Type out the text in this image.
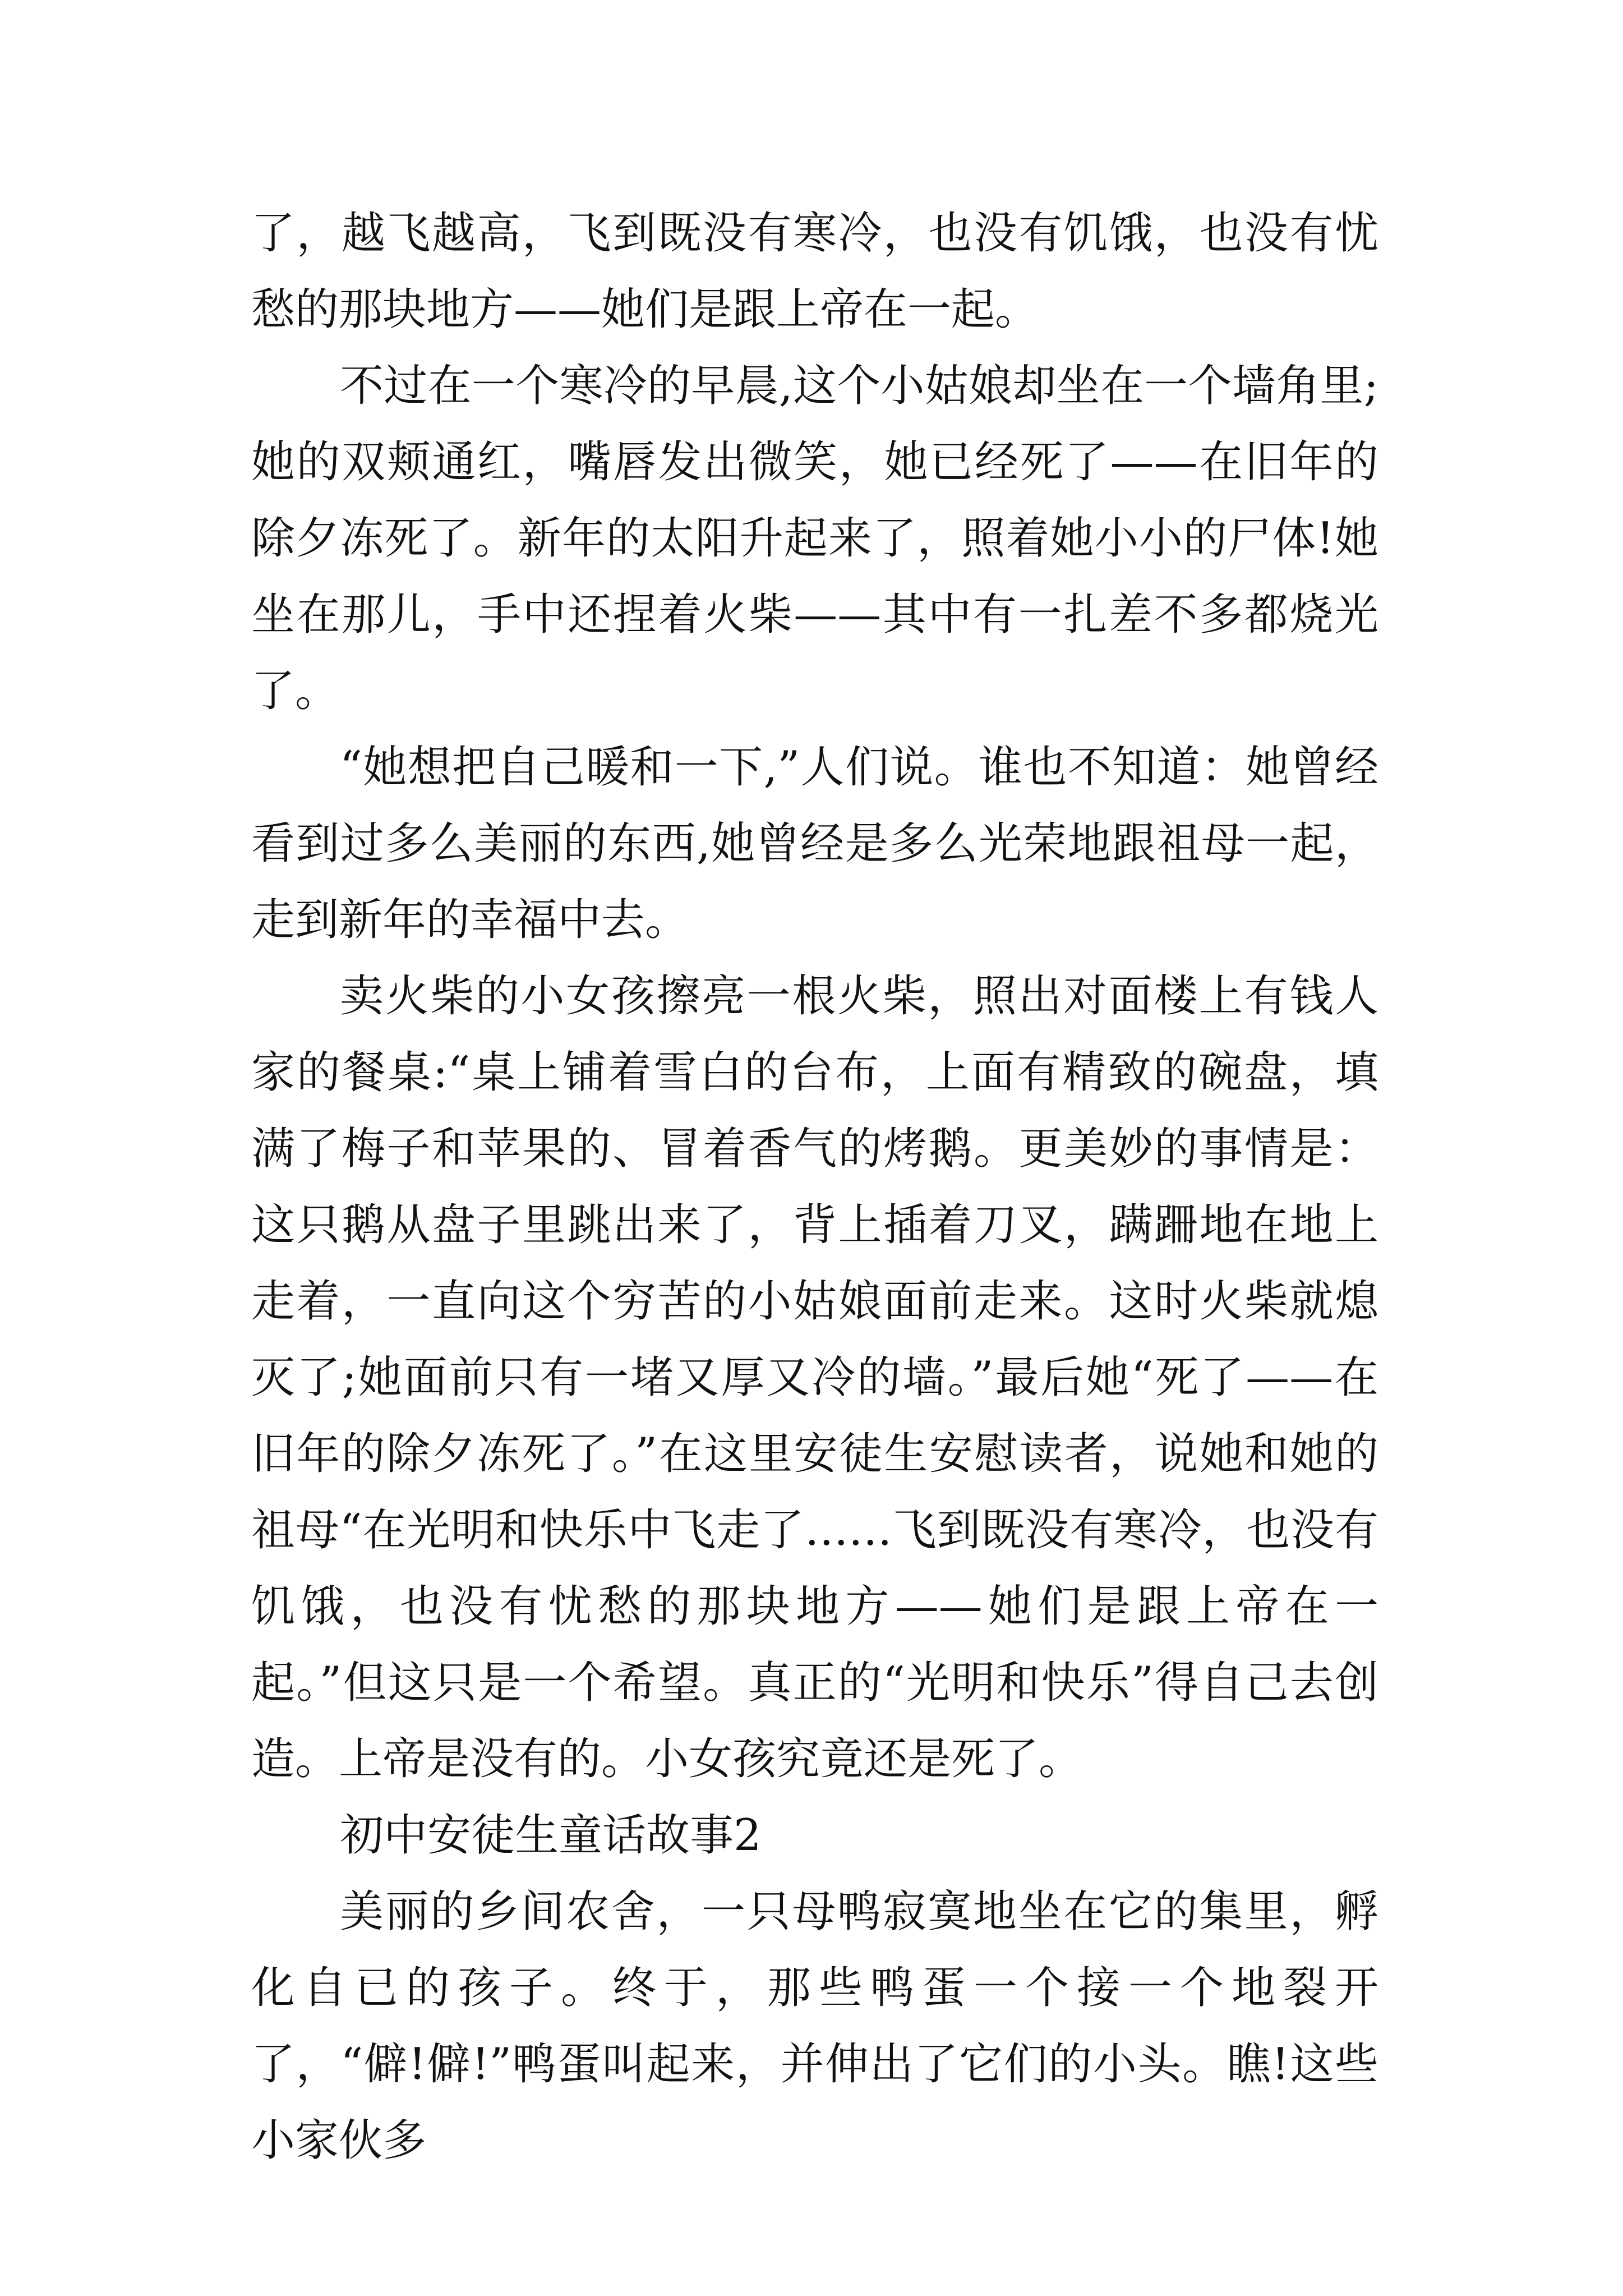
了，越飞越高，飞到既没有寒冷，也没有饥饿，也没有忧愁的那块地方——她们是跟上帝在一起。

不过在一个寒冷的早晨,这个小姑娘却坐在一个墙角里;她的双颊通红，嘴唇发出微笑，她已经死了——在旧年的除夕冻死了。新年的太阳升起来了，照着她小小的尸体!她坐在那儿，手中还捏着火柴——其中有一扎差不多都烧光了。

“她想把自己暖和一下,”人们说。谁也不知道：她曾经看到过多么美丽的东西,她曾经是多么光荣地跟祖母一起，走到新年的幸福中去。

卖火柴的小女孩擦亮一根火柴，照出对面楼上有钱人家的餐桌:“桌上铺着雪白的台布，上面有精致的碗盘，填满了梅子和苹果的、冒着香气的烤鹅。更美妙的事情是：这只鹅从盘子里跳出来了，背上插着刀叉，蹒跚地在地上走着，一直向这个穷苦的小姑娘面前走来。这时火柴就熄灭了;她面前只有一堵又厚又冷的墙。”最后她“死了——在旧年的除夕冻死了。”在这里安徒生安慰读者，说她和她的祖母“在光明和快乐中飞走了……飞到既没有寒冷，也没有饥饿，也没有忧愁的那块地方——她们是跟上帝在一起。”但这只是一个希望。真正的“光明和快乐”得自己去创造。上帝是没有的。小女孩究竟还是死了。

初中安徒生童话故事2

美丽的乡间农舍，一只母鸭寂寞地坐在它的集里，孵化自已的孩子。终于，那些鸭蛋一个接一个地裂开了，“僻!僻!”鸭蛋叫起来，并伸出了它们的小头。瞧!这些小家伙多
